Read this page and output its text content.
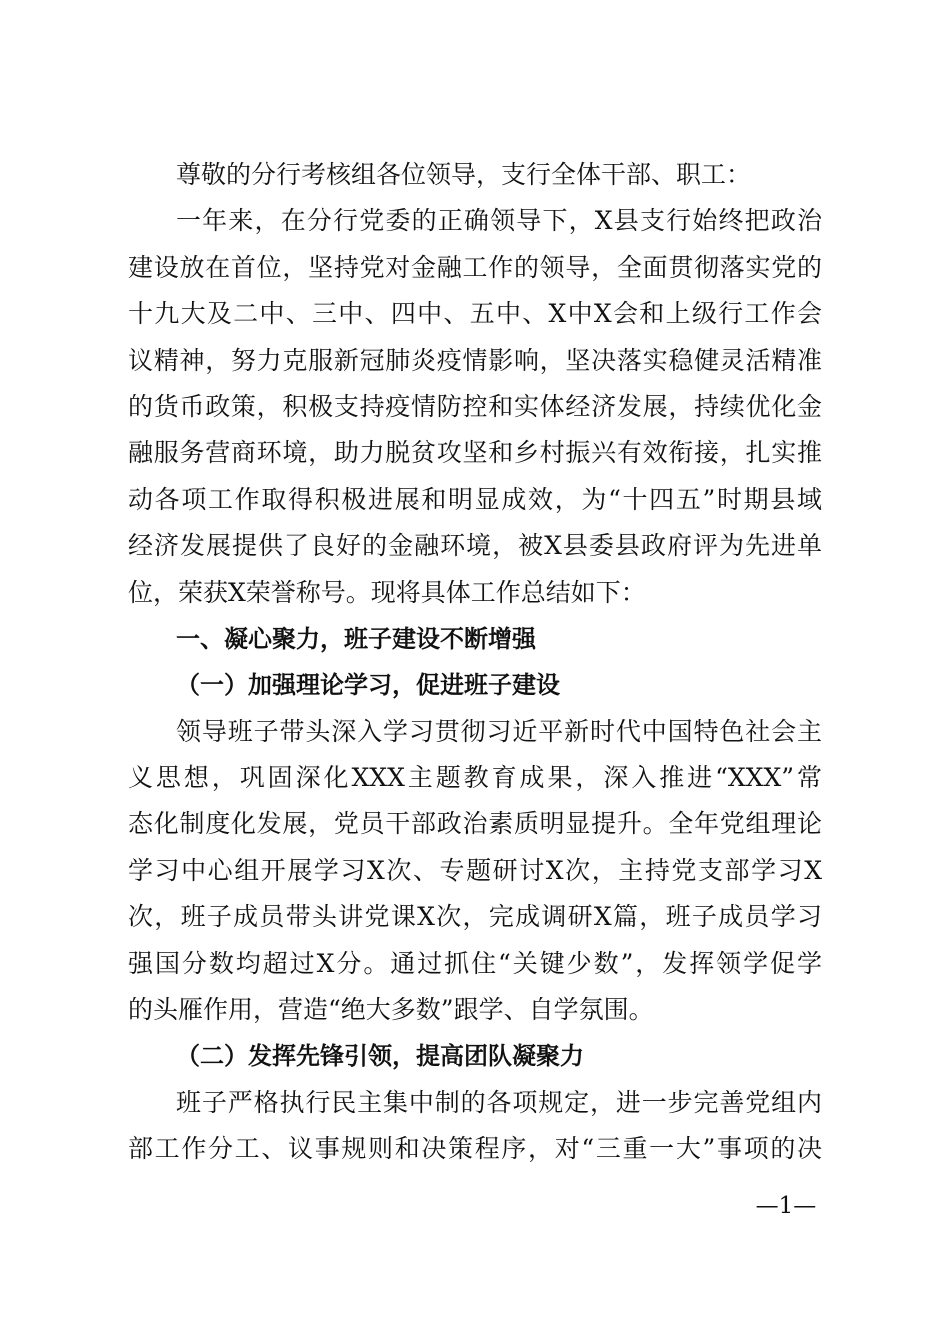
尊敬的分行考核组各位领导，支行全体干部、职工：
一年来，在分行党委的正确领导下，X县支行始终把政治
建设放在首位，坚持党对金融工作的领导，全面贯彻落实党的
十九大及二中、三中、四中、五中、X中X会和上级行工作会
议精神，努力克服新冠肺炎疫情影响，坚决落实稳健灵活精准
的货币政策，积极支持疫情防控和实体经济发展，持续优化金
融服务营商环境，助力脱贫攻坚和乡村振兴有效衔接，扎实推
动各项工作取得积极进展和明显成效，为“十四五”时期县域
经济发展提供了良好的金融环境，被X县委县政府评为先进单
位，荣获X荣誉称号。现将具体工作总结如下：
一、凝心聚力，班子建设不断增强
（一）加强理论学习，促进班子建设
领导班子带头深入学习贯彻习近平新时代中国特色社会主
义思想，巩固深化XXX主题教育成果，深入推进“XXX”常
态化制度化发展，党员干部政治素质明显提升。全年党组理论
学习中心组开展学习X次、专题研讨X次，主持党支部学习X
次，班子成员带头讲党课X次，完成调研X篇，班子成员学习
强国分数均超过X分。通过抓住“关键少数”，发挥领学促学
的头雁作用，营造“绝大多数”跟学、自学氛围。
（二）发挥先锋引领，提高团队凝聚力
班子严格执行民主集中制的各项规定，进一步完善党组内
部工作分工、议事规则和决策程序，对“三重一大”事项的决
—1—
